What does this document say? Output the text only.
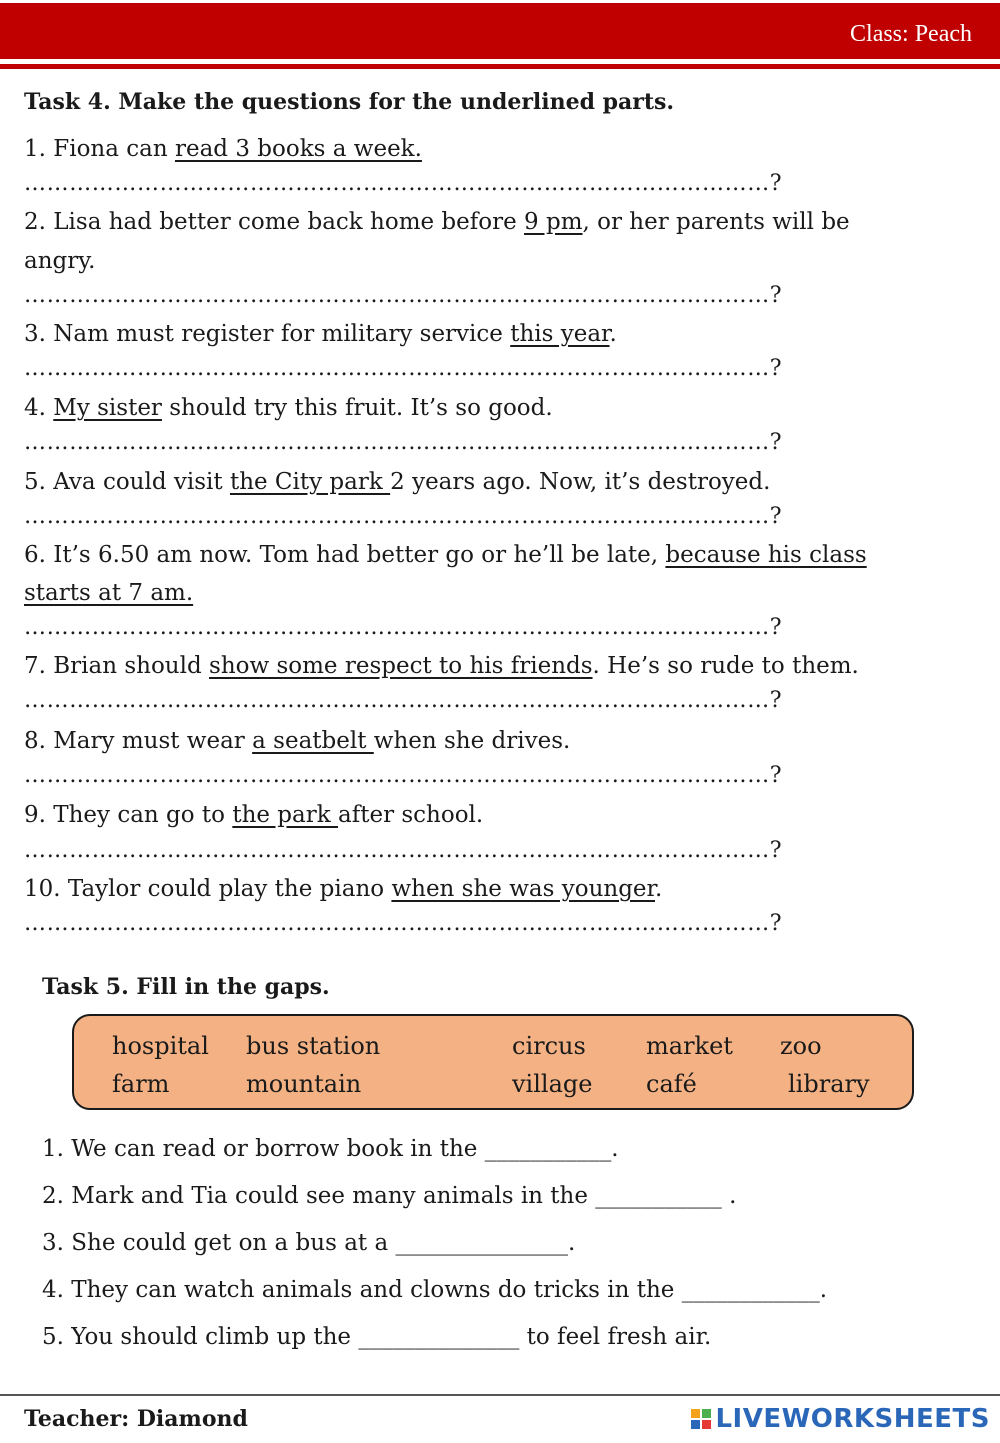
Class: Peach
Task 4. Make the questions for the underlined parts.
1. Fiona can read 3 books a week.
………………………………………………………………………………………?
2. Lisa had better come back home before 9 pm, or her parents will be
angry.
………………………………………………………………………………………?
3. Nam must register for military service this year.
………………………………………………………………………………………?
4. My sister should try this fruit. It’s so good.
………………………………………………………………………………………?
5. Ava could visit the City park 2 years ago. Now, it’s destroyed.
………………………………………………………………………………………?
6. It’s 6.50 am now. Tom had better go or he’ll be late, because his class
starts at 7 am.
………………………………………………………………………………………?
7. Brian should show some respect to his friends. He’s so rude to them.
………………………………………………………………………………………?
8. Mary must wear a seatbelt when she drives.
………………………………………………………………………………………?
9. They can go to the park after school.
………………………………………………………………………………………?
10. Taylor could play the piano when she was younger.
………………………………………………………………………………………?
Task 5. Fill in the gaps.
hospital bus station	circus	market zoo
farm	mountain	village café	library
1. We can read or borrow book in the ___________.
2. Mark and Tia could see many animals in the ___________ .
3. She could get on a bus at a _______________.
4. They can watch animals and clowns do tricks in the ____________.
5. You should climb up the ______________ to feel fresh air.
Teacher: Diamond	LIVEWORKSHEETS
